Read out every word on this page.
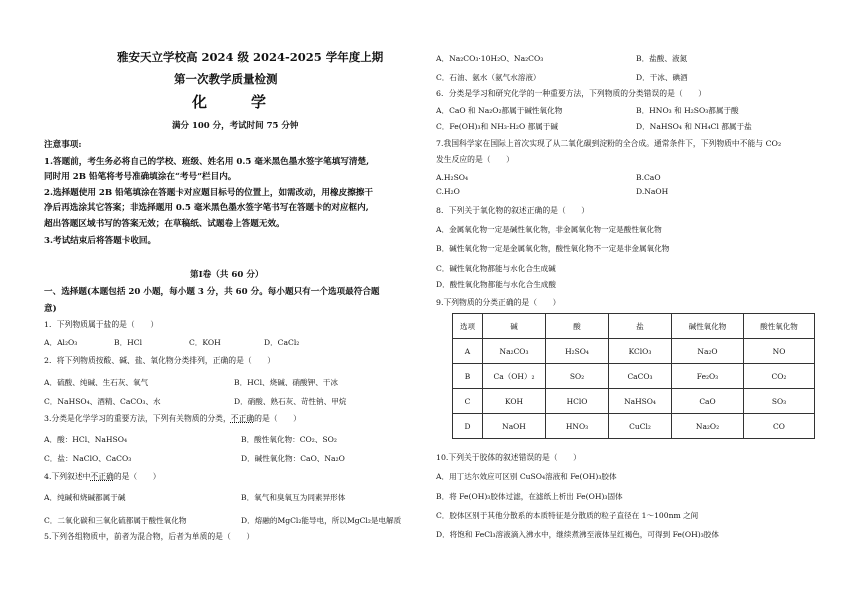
雅安天立学校高 2024 级 2024-2025 学年度上期
第一次教学质量检测
化学
满分 100 分，考试时间 75 分钟
注意事项:
1.答题前，考生务必将自己的学校、班级、姓名用 0.5 毫米黑色墨水签字笔填写清楚,
同时用 2B 铅笔将考号准确填涂在“考号”栏目内。
2.选择题使用 2B 铅笔填涂在答题卡对应题目标号的位置上，如需改动，用橡皮擦擦干
净后再选涂其它答案；非选择题用 0.5 毫米黑色墨水签字笔书写在答题卡的对应框内,
超出答题区域书写的答案无效；在草稿纸、试题卷上答题无效。
3.考试结束后将答题卡收回。
第Ⅰ卷（共 60 分）
一、选择题(本题包括 20 小题，每小题 3 分，共 60 分。每小题只有一个选项最符合题
意)
1．下列物质属于盐的是（　　）
A．Al₂O₃	B．HCl	C．KOH	D．CaCl₂
2．将下列物质按酸、碱、盐、氧化物分类排列，正确的是（　　）
A．硫酸、纯碱、生石灰、氧气	B．HCl、烧碱、硝酸钾、干冰
C．NaHSO₄、酒精、CaCO₃、水	D．硝酸、熟石灰、苛性钠、甲烷
3.分类是化学学习的重要方法，下列有关物质的分类，不正确的是（　　）
A．酸：HCl、NaHSO₄	B．酸性氧化物：CO₂、SO₂
C．盐：NaClO、CaCO₃	D．碱性氧化物：CaO、Na₂O
4.下列叙述中不正确的是（　　）
A．纯碱和烧碱都属于碱	B．氧气和臭氧互为同素异形体
C．二氧化碳和三氧化硫都属于酸性氧化物	D．熔融的MgCl₂能导电，所以MgCl₂是电解质
5.下列各组物质中，前者为混合物，后者为单质的是（　　）
A．Na₂CO₃·10H₂O、Na₂CO₃	B．盐酸、液氮
C．石油、氨水（氨气水溶液）	D．干冰、碘酒
6．分类是学习和研究化学的一种重要方法，下列物质的分类错误的是（　　）
A．CaO 和 Na₂O₂都属于碱性氧化物	B．HNO₃ 和 H₂SO₃都属于酸
C．Fe(OH)₃和 NH₃·H₂O 都属于碱	D．NaHSO₄ 和 NH₄Cl 都属于盐
7.我国科学家在国际上首次实现了从二氧化碳到淀粉的全合成。通常条件下，下列物质中不能与 CO₂
发生反应的是（　　）
A.H₂SO₄	B.CaO
C.H₂O	D.NaOH
8．下列关于氧化物的叙述正确的是（　　）
A．金属氧化物一定是碱性氧化物，非金属氧化物一定是酸性氧化物
B．碱性氧化物一定是金属氧化物，酸性氧化物不一定是非金属氧化物
C．碱性氧化物都能与水化合生成碱
D．酸性氧化物都能与水化合生成酸
9.下列物质的分类正确的是（　　）
选项	碱	酸	盐	碱性氧化物	酸性氧化物
A	Na₂CO₃	H₂SO₄	KClO₃	Na₂O	NO
B	Ca（OH）₂	SO₂	CaCO₃	Fe₂O₃	CO₂
C	KOH	HClO	NaHSO₄	CaO	SO₃
D	NaOH	HNO₃	CuCl₂	Na₂O₂	CO
10.下列关于胶体的叙述错误的是（　　）
A．用丁达尔效应可区别 CuSO₄溶液和 Fe(OH)₃胶体
B．将 Fe(OH)₃胶体过滤，在滤纸上析出 Fe(OH)₃固体
C．胶体区别于其他分散系的本质特征是分散质的粒子直径在 1～100nm 之间
D．将饱和 FeCl₃溶液滴入沸水中，继续煮沸至液体呈红褐色，可得到 Fe(OH)₃胶体
